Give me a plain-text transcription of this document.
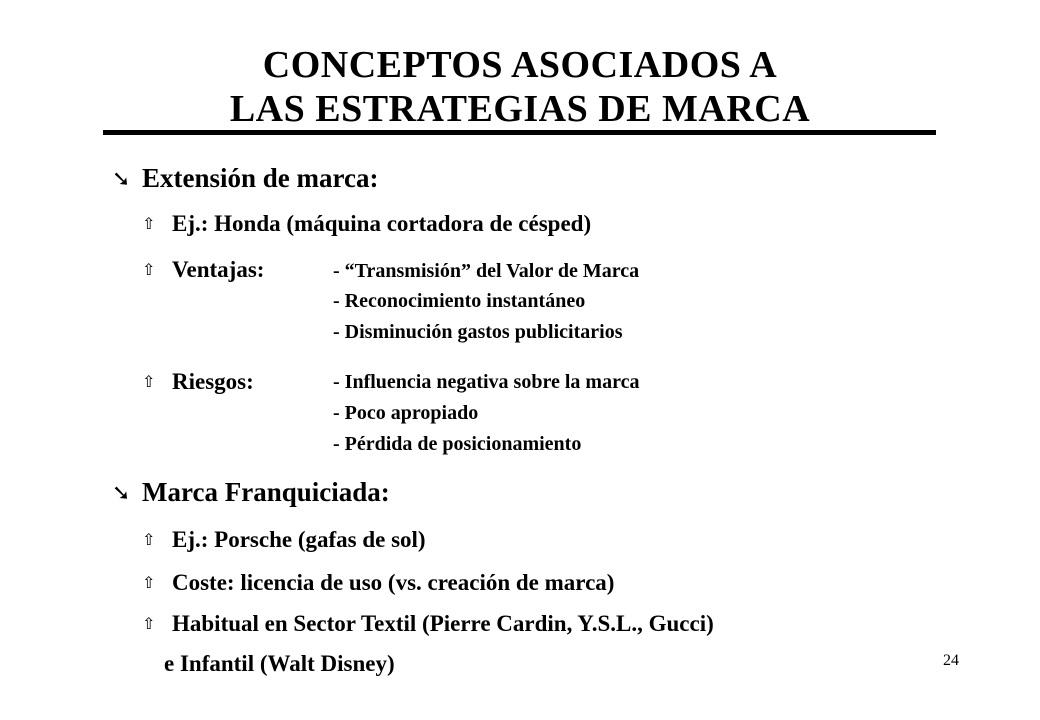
CONCEPTOS ASOCIADOS A
LAS ESTRATEGIAS DE MARCA
➘ Extensión de marca:
⇧ Ej.: Honda (máquina cortadora de césped)
⇧ Ventajas:	- “Transmisión” del Valor de Marca
- Reconocimiento instantáneo
- Disminución gastos publicitarios
⇧ Riesgos:	- Influencia negativa sobre la marca
- Poco apropiado
- Pérdida de posicionamiento
➘ Marca Franquiciada:
⇧ Ej.: Porsche (gafas de sol)
⇧ Coste: licencia de uso (vs. creación de marca)
⇧ Habitual en Sector Textil (Pierre Cardin, Y.S.L., Gucci)
e Infantil (Walt Disney)	24
